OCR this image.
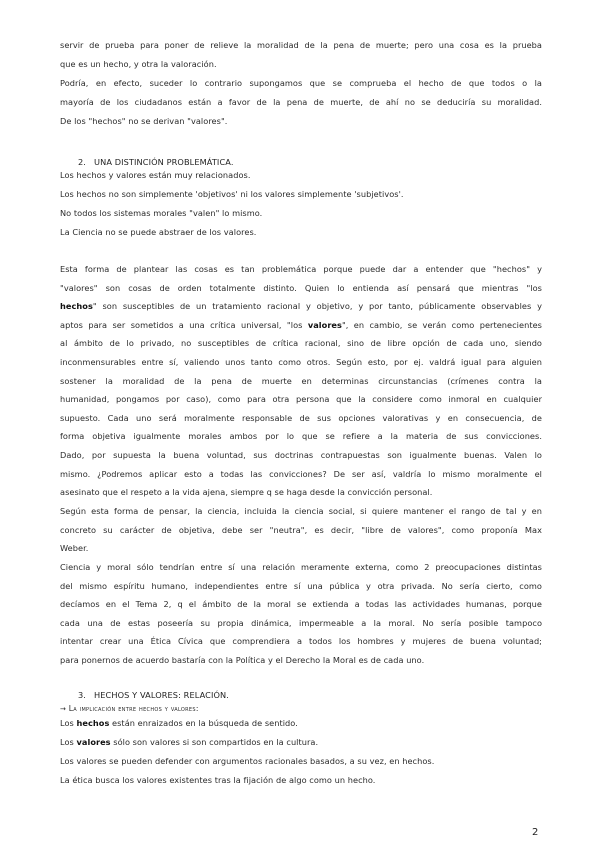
servir de prueba para poner de relieve la moralidad de la pena de muerte; pero una cosa es la prueba
que es un hecho, y otra la valoración.
Podría, en efecto, suceder lo contrario supongamos que se comprueba el hecho de que todos o la
mayoría de los ciudadanos están a favor de la pena de muerte, de ahí no se deduciría su moralidad.
De los "hechos" no se derivan "valores".
2. UNA DISTINCIÓN PROBLEMÁTICA.
Los hechos y valores están muy relacionados.
Los hechos no son simplemente 'objetivos' ni los valores simplemente 'subjetivos'.
No todos los sistemas morales "valen" lo mismo.
La Ciencia no se puede abstraer de los valores.
Esta forma de plantear las cosas es tan problemática porque puede dar a entender que "hechos" y
"valores" son cosas de orden totalmente distinto. Quien lo entienda así pensará que mientras "los
hechos" son susceptibles de un tratamiento racional y objetivo, y por tanto, públicamente observables y
aptos para ser sometidos a una crítica universal, "los valores", en cambio, se verán como pertenecientes
al ámbito de lo privado, no susceptibles de crítica racional, sino de libre opción de cada uno, siendo
inconmensurables entre sí, valiendo unos tanto como otros. Según esto, por ej. valdrá igual para alguien
sostener la moralidad de la pena de muerte en determinas circunstancias (crímenes contra la
humanidad, pongamos por caso), como para otra persona que la considere como inmoral en cualquier
supuesto. Cada uno será moralmente responsable de sus opciones valorativas y en consecuencia, de
forma objetiva igualmente morales ambos por lo que se refiere a la materia de sus convicciones.
Dado, por supuesta la buena voluntad, sus doctrinas contrapuestas son igualmente buenas. Valen lo
mismo. ¿Podremos aplicar esto a todas las convicciones? De ser así, valdría lo mismo moralmente el
asesinato que el respeto a la vida ajena, siempre q se haga desde la convicción personal.
Según esta forma de pensar, la ciencia, incluida la ciencia social, si quiere mantener el rango de tal y en
concreto su carácter de objetiva, debe ser "neutra", es decir, "libre de valores", como proponía Max
Weber.
Ciencia y moral sólo tendrían entre sí una relación meramente externa, como 2 preocupaciones distintas
del mismo espíritu humano, independientes entre sí una pública y otra privada. No sería cierto, como
decíamos en el Tema 2, q el ámbito de la moral se extienda a todas las actividades humanas, porque
cada una de estas poseería su propia dinámica, impermeable a la moral. No sería posible tampoco
intentar crear una Ética Cívica que comprendiera a todos los hombres y mujeres de buena voluntad;
para ponernos de acuerdo bastaría con la Política y el Derecho la Moral es de cada uno.
3. HECHOS Y VALORES: RELACIÓN.
→ La implicación entre hechos y valores:
Los hechos están enraizados en la búsqueda de sentido.
Los valores sólo son valores si son compartidos en la cultura.
Los valores se pueden defender con argumentos racionales basados, a su vez, en hechos.
La ética busca los valores existentes tras la fijación de algo como un hecho.
2
